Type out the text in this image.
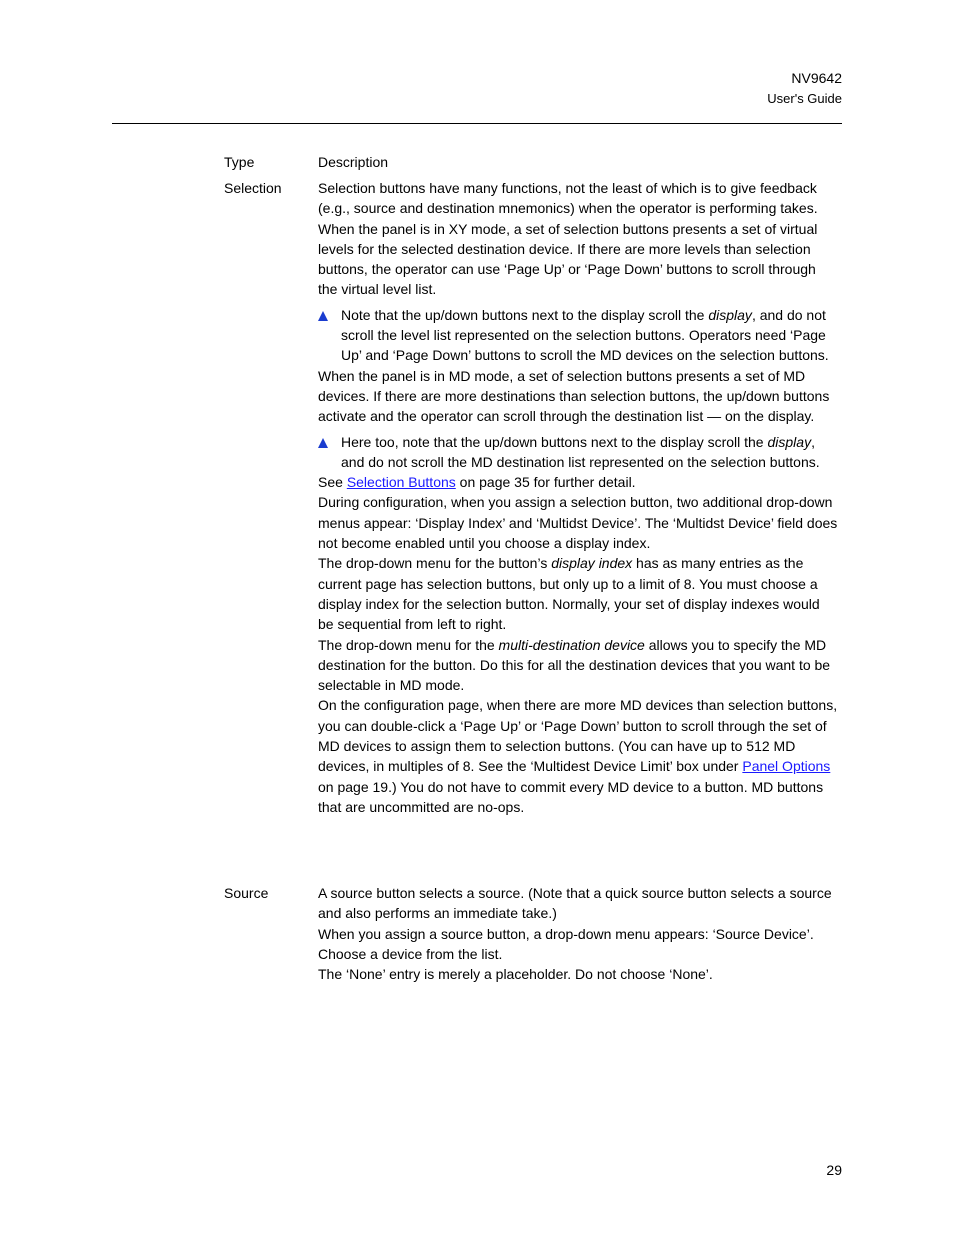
NV9642
User's Guide
Type	Description
Selection	Selection buttons have many functions, not the least of which is to give feedback (e.g., source and destination mnemonics) when the operator is performing takes. When the panel is in XY mode, a set of selection buttons presents a set of virtual levels for the selected destination device. If there are more levels than selection buttons, the operator can use ‘Page Up’ or ‘Page Down’ buttons to scroll through the virtual level list.

Note that the up/down buttons next to the display scroll the display, and do not scroll the level list represented on the selection buttons. Operators need ‘Page Up’ and ‘Page Down’ buttons to scroll the MD devices on the selection buttons.

When the panel is in MD mode, a set of selection buttons presents a set of MD devices. If there are more destinations than selection buttons, the up/down buttons activate and the operator can scroll through the destination list — on the display.

Here too, note that the up/down buttons next to the display scroll the display, and do not scroll the MD destination list represented on the selection buttons.

See Selection Buttons on page 35 for further detail.

During configuration, when you assign a selection button, two additional drop-down menus appear: ‘Display Index’ and ‘Multidst Device’. The ‘Multidst Device’ field does not become enabled until you choose a display index.

The drop-down menu for the button’s display index has as many entries as the current page has selection buttons, but only up to a limit of 8. You must choose a display index for the selection button. Normally, your set of display indexes would be sequential from left to right.

The drop-down menu for the multi-destination device allows you to specify the MD destination for the button. Do this for all the destination devices that you want to be selectable in MD mode.

On the configuration page, when there are more MD devices than selection buttons, you can double-click a ‘Page Up’ or ‘Page Down’ button to scroll through the set of MD devices to assign them to selection buttons. (You can have up to 512 MD devices, in multiples of 8. See the ‘Multidest Device Limit’ box under Panel Options on page 19.) You do not have to commit every MD device to a button. MD buttons that are uncommitted are no-ops.

Source	A source button selects a source. (Note that a quick source button selects a source and also performs an immediate take.)

When you assign a source button, a drop-down menu appears: ‘Source Device’. Choose a device from the list.

The ‘None’ entry is merely a placeholder. Do not choose ‘None’.

29
